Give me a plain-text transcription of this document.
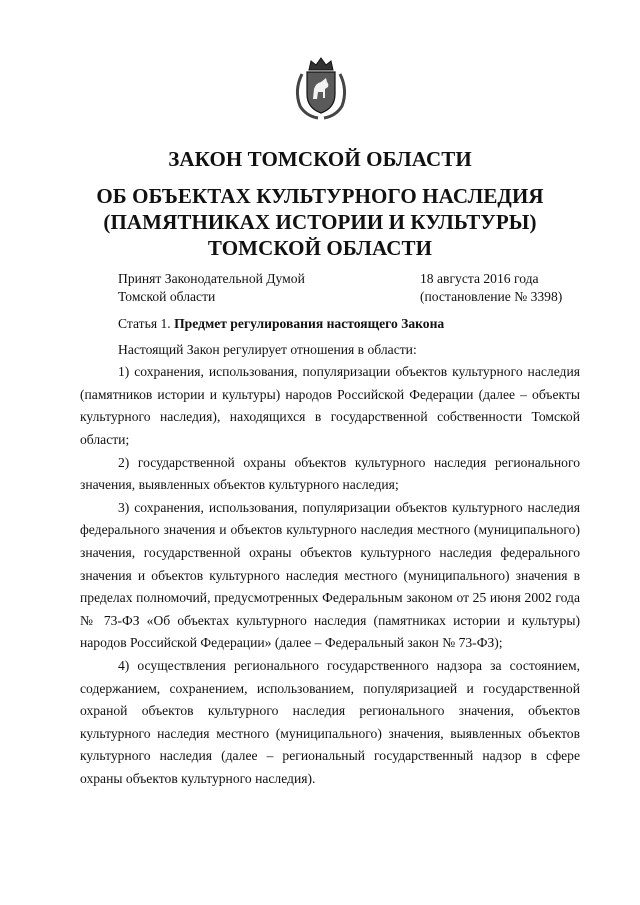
ЗАКОН ТОМСКОЙ ОБЛАСТИ
ОБ ОБЪЕКТАХ КУЛЬТУРНОГО НАСЛЕДИЯ
(ПАМЯТНИКАХ ИСТОРИИ И КУЛЬТУРЫ)
ТОМСКОЙ ОБЛАСТИ
Принят Законодательной Думой
Томской области
18 августа 2016 года
(постановление № 3398)

Статья 1. Предмет регулирования настоящего Закона

Настоящий Закон регулирует отношения в области:

1) сохранения, использования, популяризации объектов культурного наследия (памятников истории и культуры) народов Российской Федерации (далее – объекты культурного наследия), находящихся в государственной собственности Томской области;

2) государственной охраны объектов культурного наследия регионального значения, выявленных объектов культурного наследия;

3) сохранения, использования, популяризации объектов культурного наследия федерального значения и объектов культурного наследия местного (муниципального) значения, государственной охраны объектов культурного наследия федерального значения и объектов культурного наследия местного (муниципального) значения в пределах полномочий, предусмотренных Федеральным законом от 25 июня 2002 года № 73-ФЗ «Об объектах культурного наследия (памятниках истории и культуры) народов Российской Федерации» (далее – Федеральный закон № 73-ФЗ);

4) осуществления регионального государственного надзора за состоянием, содержанием, сохранением, использованием, популяризацией и государственной охраной объектов культурного наследия регионального значения, объектов культурного наследия местного (муниципального) значения, выявленных объектов культурного наследия (далее – региональный государственный надзор в сфере охраны объектов культурного наследия).
